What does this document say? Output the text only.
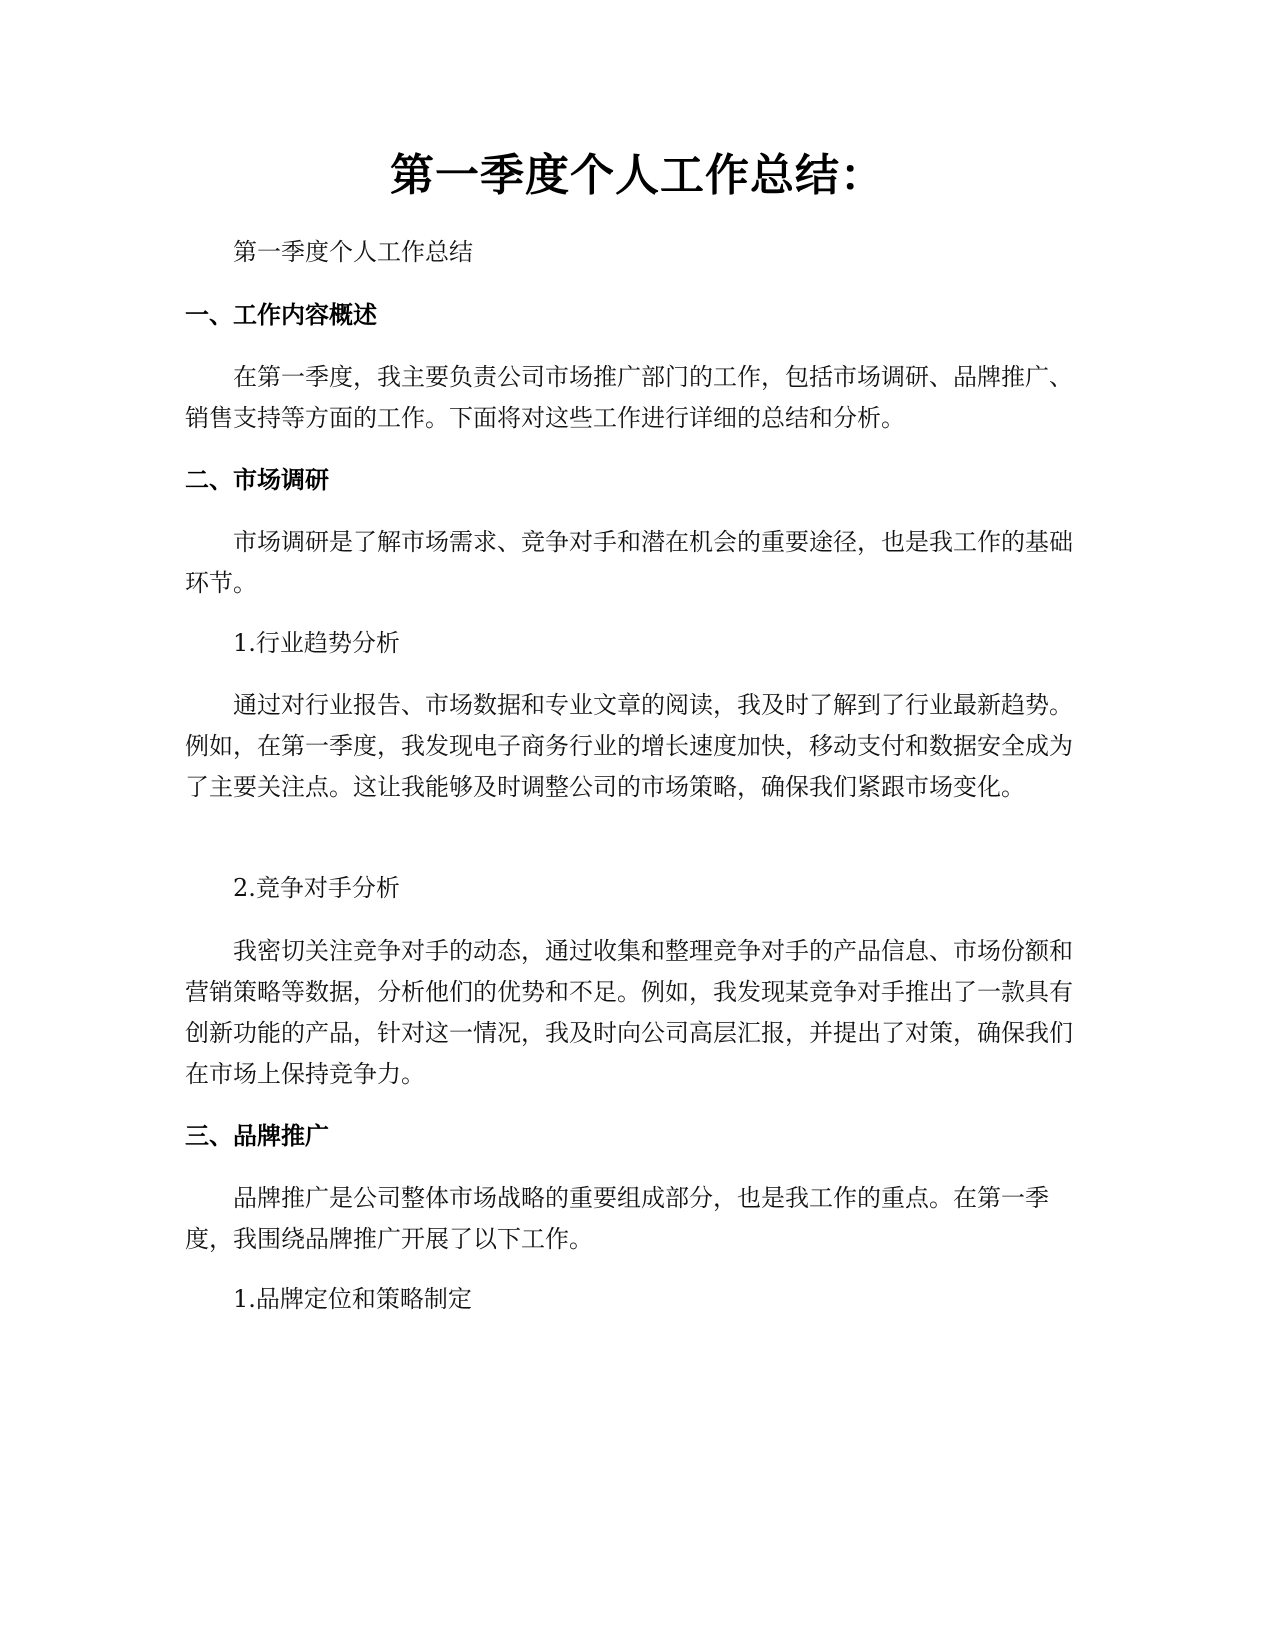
第一季度个人工作总结：

第一季度个人工作总结

一、工作内容概述

在第一季度，我主要负责公司市场推广部门的工作，包括市场调研、品牌推广、销售支持等方面的工作。下面将对这些工作进行详细的总结和分析。

二、市场调研

市场调研是了解市场需求、竞争对手和潜在机会的重要途径，也是我工作的基础环节。

1.行业趋势分析

通过对行业报告、市场数据和专业文章的阅读，我及时了解到了行业最新趋势。例如，在第一季度，我发现电子商务行业的增长速度加快，移动支付和数据安全成为了主要关注点。这让我能够及时调整公司的市场策略，确保我们紧跟市场变化。

2.竞争对手分析

我密切关注竞争对手的动态，通过收集和整理竞争对手的产品信息、市场份额和营销策略等数据，分析他们的优势和不足。例如，我发现某竞争对手推出了一款具有创新功能的产品，针对这一情况，我及时向公司高层汇报，并提出了对策，确保我们在市场上保持竞争力。

三、品牌推广

品牌推广是公司整体市场战略的重要组成部分，也是我工作的重点。在第一季度，我围绕品牌推广开展了以下工作。

1.品牌定位和策略制定
